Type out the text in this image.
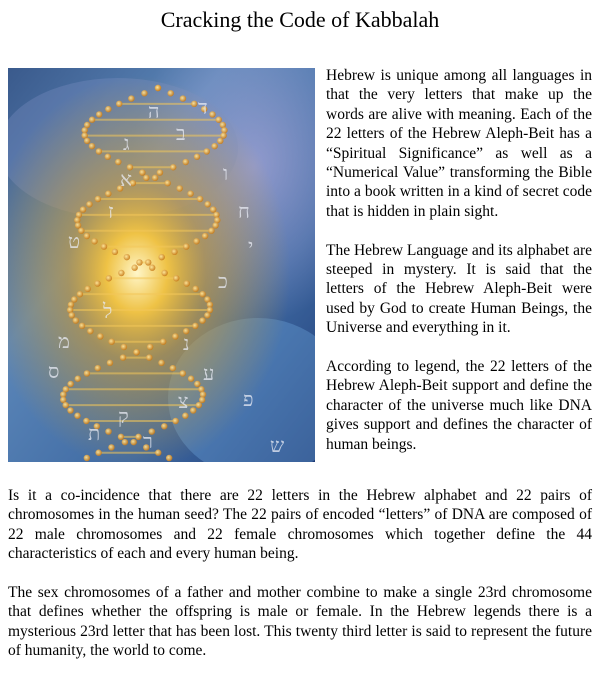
Cracking the Code of Kabbalah
ה ד
ג ב
א	ו
ז	ח
ט	י
כ
ל
מ	נ
ס	ע
פ
צ
ק
ר	ש
ת

Hebrew is unique among all languages in that the very letters that make up the words are alive with meaning. Each of the 22 letters of the Hebrew Aleph-Beit has a “Spiritual Significance” as well as a “Numerical Value” transforming the Bible into a book written in a kind of secret code that is hidden in plain sight.

The Hebrew Language and its alphabet are steeped in mystery. It is said that the letters of the Hebrew Aleph-Beit were used by God to create Human Beings, the Universe and everything in it.

According to legend, the 22 letters of the Hebrew Aleph-Beit support and define the character of the universe much like DNA gives support and defines the character of human beings.

Is it a co-incidence that there are 22 letters in the Hebrew alphabet and 22 pairs of chromosomes in the human seed? The 22 pairs of encoded “letters” of DNA are composed of 22 male chromosomes and 22 female chromosomes which together define the 44 characteristics of each and every human being.

The sex chromosomes of a father and mother combine to make a single 23rd chromosome that defines whether the offspring is male or female. In the Hebrew legends there is a mysterious 23rd letter that has been lost. This twenty third letter is said to represent the future of humanity, the world to come.
